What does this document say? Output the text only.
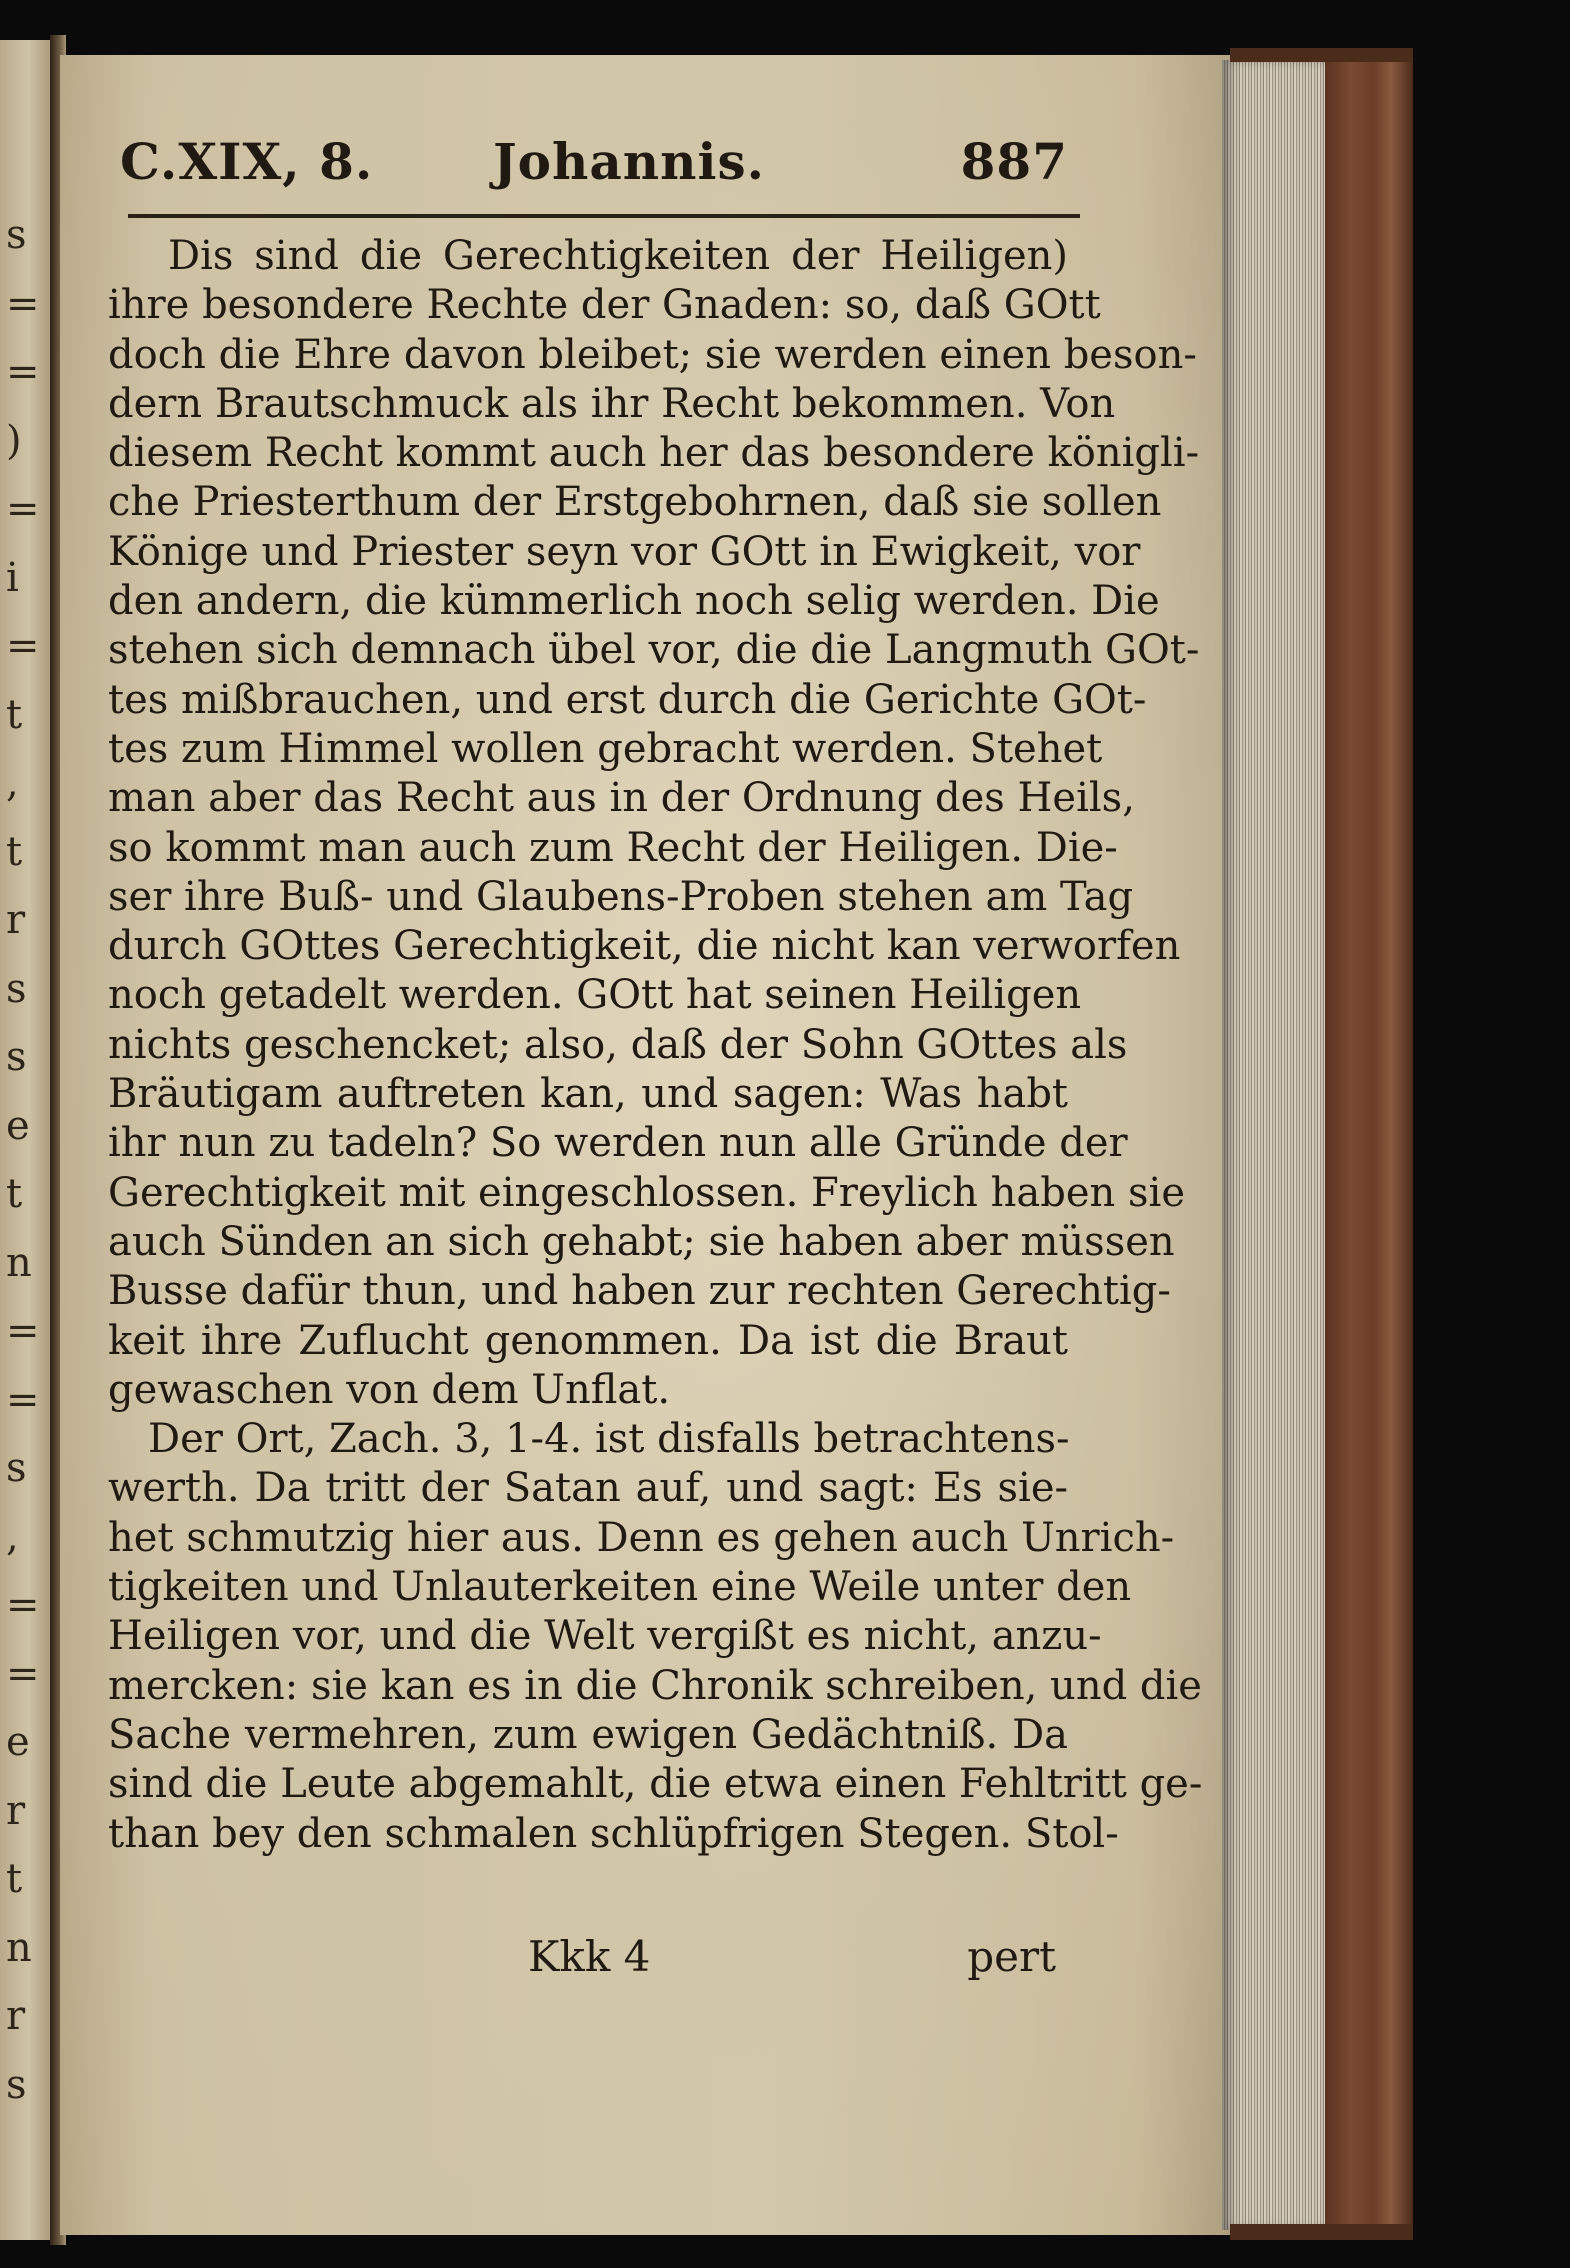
s
=
=
)
=
i
=
t
,
t
r
s
s
e
t
n
=
=
s
,
=
=
e
r
t
n
r
s
C.XIX, 8. Johannis.	887
Dis sind die Gerechtigkeiten der Heiligen)
ihre besondere Rechte der Gnaden: so, daß GOtt
doch die Ehre davon bleibet; sie werden einen beson-
dern Brautschmuck als ihr Recht bekommen. Von
diesem Recht kommt auch her das besondere königli-
che Priesterthum der Erstgebohrnen, daß sie sollen
Könige und Priester seyn vor GOtt in Ewigkeit, vor
den andern, die kümmerlich noch selig werden. Die
stehen sich demnach übel vor, die die Langmuth GOt-
tes mißbrauchen, und erst durch die Gerichte GOt-
tes zum Himmel wollen gebracht werden. Stehet
man aber das Recht aus in der Ordnung des Heils,
so kommt man auch zum Recht der Heiligen. Die-
ser ihre Buß- und Glaubens-Proben stehen am Tag
durch GOttes Gerechtigkeit, die nicht kan verworfen
noch getadelt werden. GOtt hat seinen Heiligen
nichts geschencket; also, daß der Sohn GOttes als
Bräutigam auftreten kan, und sagen: Was habt
ihr nun zu tadeln? So werden nun alle Gründe der
Gerechtigkeit mit eingeschlossen. Freylich haben sie
auch Sünden an sich gehabt; sie haben aber müssen
Busse dafür thun, und haben zur rechten Gerechtig-
keit ihre Zuflucht genommen. Da ist die Braut
gewaschen von dem Unflat.
Der Ort, Zach. 3, 1-4. ist disfalls betrachtens-
werth. Da tritt der Satan auf, und sagt: Es sie-
het schmutzig hier aus. Denn es gehen auch Unrich-
tigkeiten und Unlauterkeiten eine Weile unter den
Heiligen vor, und die Welt vergißt es nicht, anzu-
mercken: sie kan es in die Chronik schreiben, und die
Sache vermehren, zum ewigen Gedächtniß. Da
sind die Leute abgemahlt, die etwa einen Fehltritt ge-
than bey den schmalen schlüpfrigen Stegen. Stol-
Kkk 4	pert
